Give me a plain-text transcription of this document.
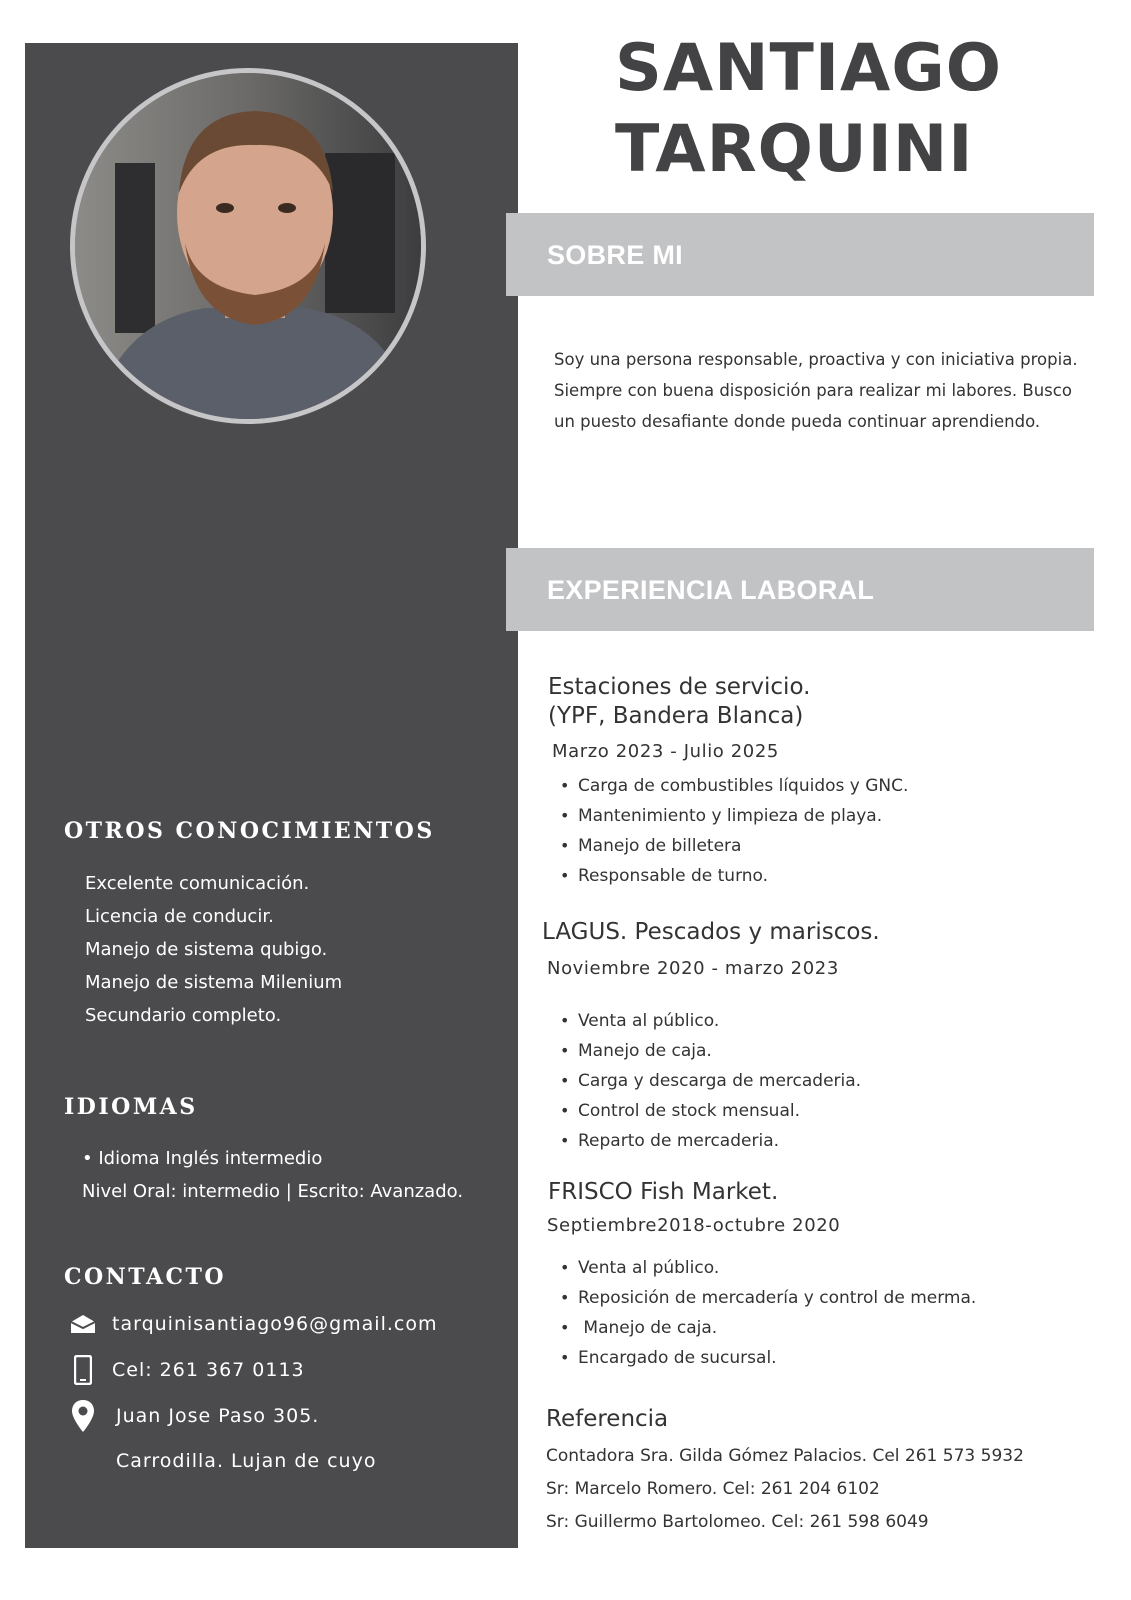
OTROS CONOCIMIENTOS
Excelente comunicación.
Licencia de conducir.
Manejo de sistema qubigo.
Manejo de sistema Milenium
Secundario completo.
IDIOMAS
• Idioma Inglés intermedio
Nivel Oral: intermedio | Escrito: Avanzado.
CONTACTO
tarquinisantiago96@gmail.com
Cel: 261 367 0113
Juan Jose Paso 305.
Carrodilla. Lujan de cuyo
SANTIAGO
TARQUINI
SOBRE MI
Soy una persona responsable, proactiva y con iniciativa propia.
Siempre con buena disposición para realizar mi labores. Busco
un puesto desafiante donde pueda continuar aprendiendo.
EXPERIENCIA LABORAL
Estaciones de servicio.
(YPF, Bandera Blanca)
Marzo 2023 - Julio 2025
• Carga de combustibles líquidos y GNC.
• Mantenimiento y limpieza de playa.
• Manejo de billetera
• Responsable de turno.
LAGUS. Pescados y mariscos.
Noviembre 2020 - marzo 2023
• Venta al público.
• Manejo de caja.
• Carga y descarga de mercaderia.
• Control de stock mensual.
• Reparto de mercaderia.
FRISCO Fish Market.
Septiembre2018-octubre 2020
• Venta al público.
• Reposición de mercadería y control de merma.
• Manejo de caja.
• Encargado de sucursal.
Referencia
Contadora Sra. Gilda Gómez Palacios. Cel 261 573 5932
Sr: Marcelo Romero. Cel: 261 204 6102
Sr: Guillermo Bartolomeo. Cel: 261 598 6049
